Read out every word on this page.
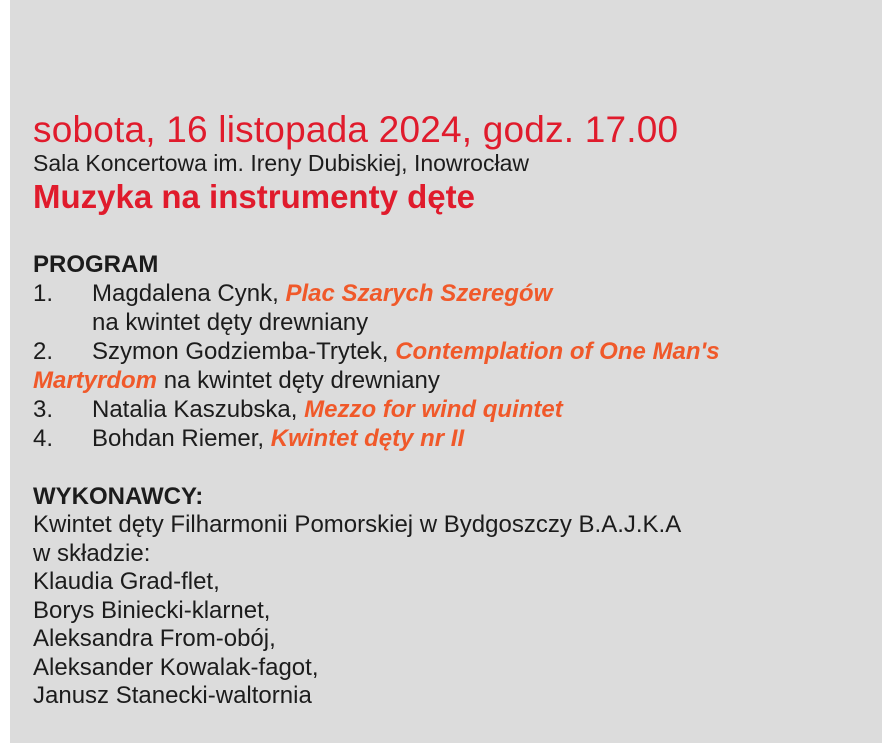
sobota, 16 listopada 2024, godz. 17.00
Sala Koncertowa im. Ireny Dubiskiej, Inowrocław
Muzyka na instrumenty dęte
PROGRAM
1. Magdalena Cynk, Plac Szarych Szeregów
na kwintet dęty drewniany
2. Szymon Godziemba-Trytek, Contemplation of One Man's

Martyrdom na kwintet dęty drewniany
3. Natalia Kaszubska, Mezzo for wind quintet
4. Bohdan Riemer, Kwintet dęty nr II
WYKONAWCY:
Kwintet dęty Filharmonii Pomorskiej w Bydgoszczy B.A.J.K.A
w składzie:
Klaudia Grad-flet,
Borys Biniecki-klarnet,
Aleksandra From-obój,
Aleksander Kowalak-fagot,
Janusz Stanecki-waltornia
